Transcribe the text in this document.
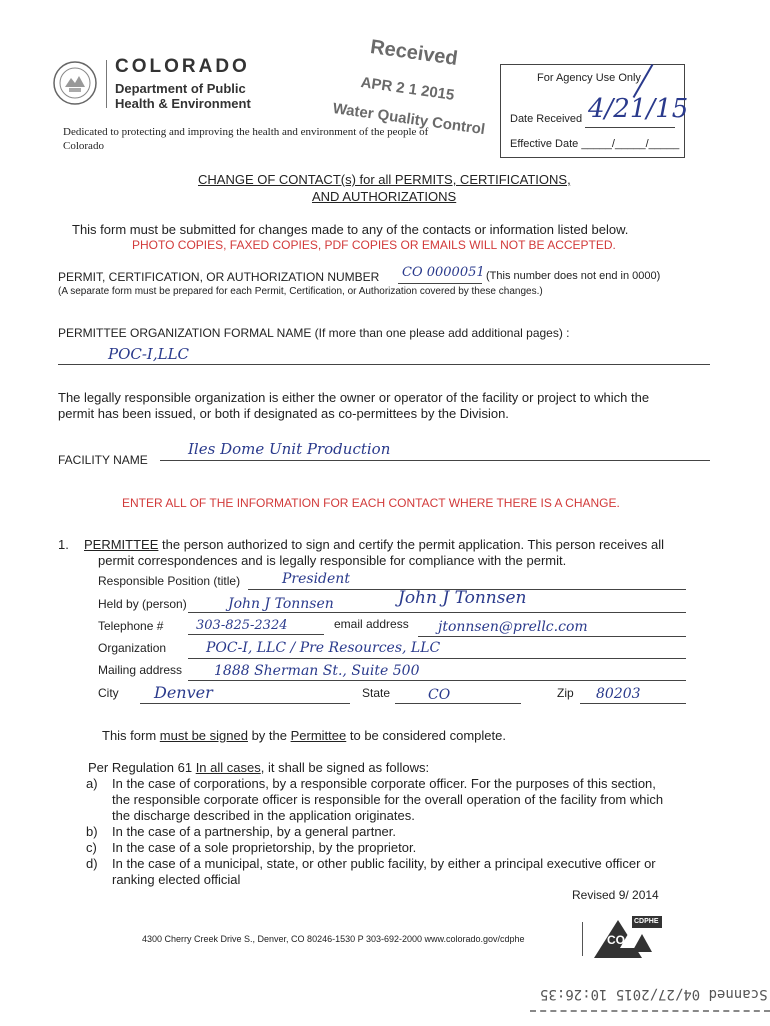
COLORADO
Department of Public
Health & Environment
Dedicated to protecting and improving the health and environment of the people of
Colorado
Received
APR 2 1 2015
Water Quality Control
For Agency Use Only
Date Received 4/21/15
Effective Date _____/_____/_____
CHANGE OF CONTACT(s) for all PERMITS, CERTIFICATIONS,
AND AUTHORIZATIONS
This form must be submitted for changes made to any of the contacts or information listed below.
PHOTO COPIES, FAXED COPIES, PDF COPIES OR EMAILS WILL NOT BE ACCEPTED.
PERMIT, CERTIFICATION, OR AUTHORIZATION NUMBER CO 0000051 (This number does not end in 0000)
(A separate form must be prepared for each Permit, Certification, or Authorization covered by these changes.)
PERMITTEE ORGANIZATION FORMAL NAME (If more than one please add additional pages) :
POC-I,LLC
The legally responsible organization is either the owner or operator of the facility or project to which the
permit has been issued, or both if designated as co-permittees by the Division.
FACILITY NAME
Iles Dome Unit Production
ENTER ALL OF THE INFORMATION FOR EACH CONTACT WHERE THERE IS A CHANGE.
1. PERMITTEE the person authorized to sign and certify the permit application. This person receives all
permit correspondences and is legally responsible for compliance with the permit.
Responsible Position (title)	President
Held by (person)	John J Tonnsen	John J Tonnsen
Telephone #	303-825-2324	email address jtonnsen@prellc.com
Organization	POC-I, LLC / Pre Resources, LLC
Mailing address 1888 Sherman St., Suite 500
City Denver	State	CO	Zip 80203
This form must be signed by the Permittee to be considered complete.
Per Regulation 61 In all cases, it shall be signed as follows:
a) In the case of corporations, by a responsible corporate officer. For the purposes of this section,
the responsible corporate officer is responsible for the overall operation of the facility from which
the discharge described in the application originates.
b) In the case of a partnership, by a general partner.
c) In the case of a sole proprietorship, by the proprietor.
d) In the case of a municipal, state, or other public facility, by either a principal executive officer or
ranking elected official
Revised 9/ 2014
4300 Cherry Creek Drive S., Denver, CO 80246-1530 P 303-692-2000 www.colorado.gov/cdphe
CDPHE
CO
Scanned 04/27/2015 10:26:35
